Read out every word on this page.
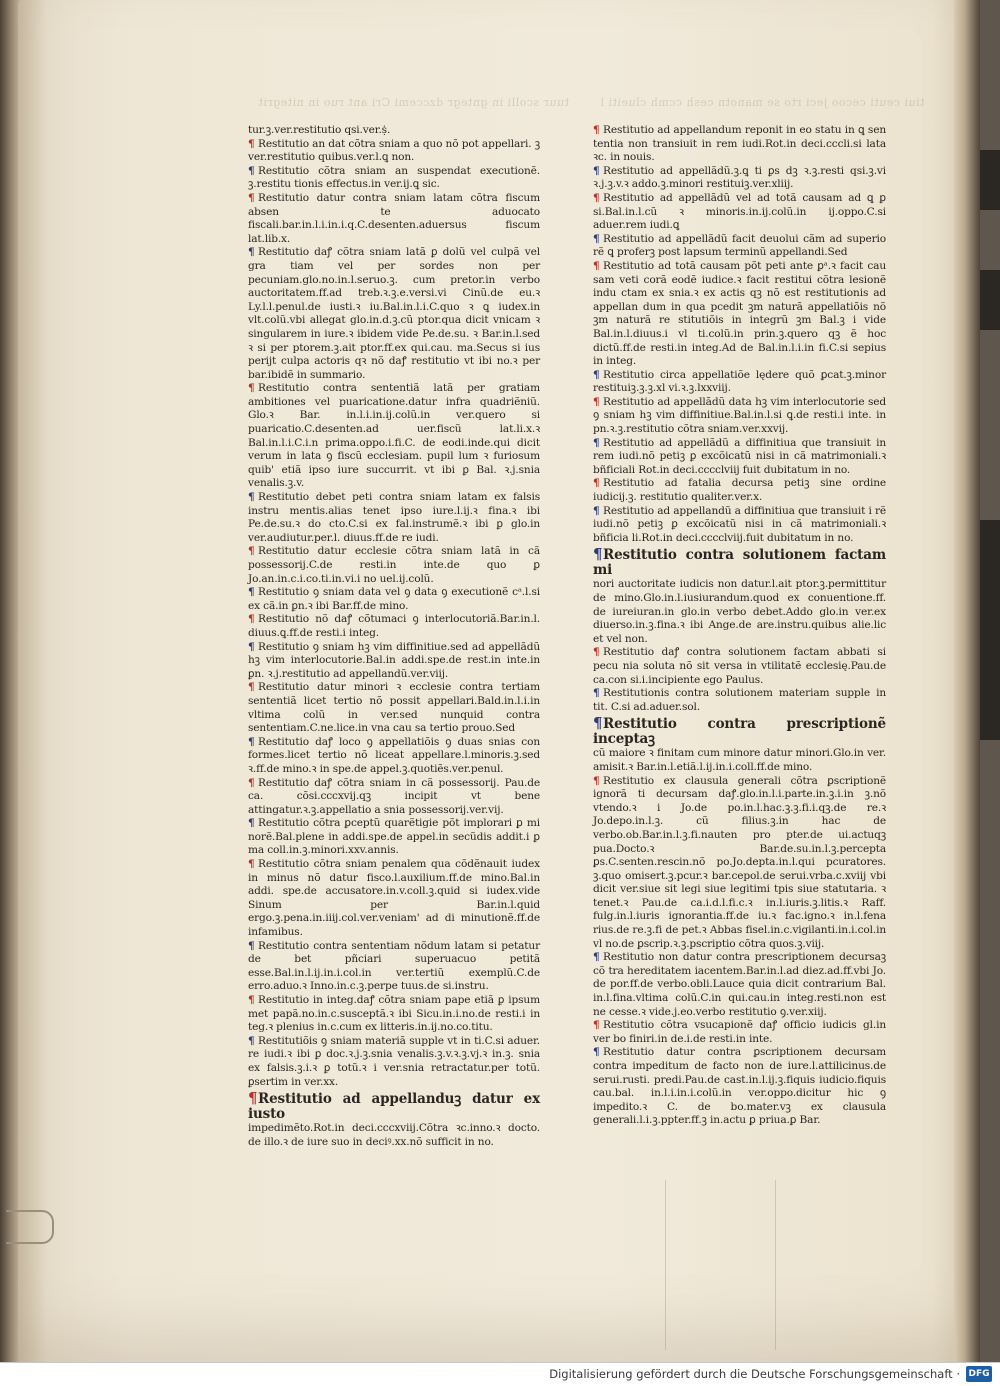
tuur scolli in gntegr dzccemi Cri ant ruo in nitegrit	tiui ceuti cecoo jeci rto se manotn cesh ccmh clueiti l
tur.ꝫ.ver.restitutio qsi.ver.ṩ.
¶ Restitutio an dat cõtra sniam a quo nõ pot appellari. ꝫ ver.restitutio quibus.ver.l.ꝗ non.
¶ Restitutio cõtra sniam an suspendat executionẽ. ꝫ.restitu tionis effectus.in ver.ij.ꝗ sic.
¶ Restitutio datur contra sniam latam cõtra fiscum absen te aduocato fiscali.bar.in.l.i.in.i.q.C.desenten.aduersus fiscum lat.lib.x.
¶ Restitutio daꝭ cõtra sniam latã ꝑ dolũ vel culpã vel gra tiam vel per sordes non per pecuniam.glo.no.in.l.seruo.ꝫ. cum pretor.in verbo auctoritatem.ff.ad treb.ꝛ.ꝫ.e.versi.vi Cinũ.de eu.ꝛ Ly.l.l.penul.de iusti.ꝛ iu.Bal.in.l.i.C.quo ꝛ ꝗ iudex.in vlt.colũ.vbi allegat glo.in.d.ꝫ.cũ ptor.qua dicit vnicam ꝛ singularem in iure.ꝛ ibidem vide Pe.de.su. ꝛ Bar.in.l.sed ꝛ si per ptorem.ꝫ.ait ptor.ff.ex qui.cau. ma.Secus si ius perijt culpa actoris qꝛ nõ daꝭ restitutio vt ibi no.ꝛ per bar.ibidẽ in summario.
¶ Restitutio contra sententiã latã per gratiam ambitiones vel puaricatione.datur infra quadriẽniũ. Glo.ꝛ Bar. in.l.i.in.ij.colũ.in ver.quero si puaricatio.C.desenten.ad uer.fiscũ lat.li.x.ꝛ Bal.in.l.i.C.i.n prima.oppo.i.fi.C. de eodi.inde.qui dicit verum in lata ꝯ fiscũ ecclesiam. pupil lum ꝛ furiosum quib' etiã ipso iure succurrit. vt ibi ꝑ Bal. ꝛ.j.snia venalis.ꝫ.v.
¶ Restitutio debet peti contra sniam latam ex falsis instru mentis.alias tenet ipso iure.l.ij.ꝛ fina.ꝛ ibi Pe.de.su.ꝛ do cto.C.si ex fal.instrumẽ.ꝛ ibi ꝑ glo.in ver.audiutur.per.l. diuus.ff.de re iudi.
¶ Restitutio datur ecclesie cõtra sniam latã in cã possessorij.C.de resti.in inte.de quo ꝑ Jo.an.in.c.i.co.ti.in.vi.i no uel.ij.colũ.
¶ Restitutio ꝯ sniam data vel ꝯ data ꝯ executionẽ cᵃ.l.si ex cã.in ꝑn.ꝛ ibi Bar.ff.de mino.
¶ Restitutio nõ daꝭ cõtumaci ꝯ interlocutoriã.Bar.in.l. diuus.ꝗ.ff.de resti.i integ.
¶ Restitutio ꝯ sniam hꝫ vim diffinitiue.sed ad appellãdũ hꝫ vim interlocutorie.Bal.in addi.spe.de rest.in inte.in ꝑn. ꝛ.j.restitutio ad appellandũ.ver.viij.
¶ Restitutio datur minori ꝛ ecclesie contra tertiam sententiã licet tertio nõ possit appellari.Bald.in.l.i.in vltima colũ in ver.sed nunquid contra sententiam.C.ne.lice.in vna cau sa tertio prouo.Sed
¶ Restitutio daꝭ loco ꝯ appellatiõis ꝯ duas snias con formes.licet tertio nõ liceat appellare.l.minoris.ꝫ.sed ꝛ.ff.de mino.ꝛ in spe.de appel.ꝫ.quotiẽs.ver.penul.
¶ Restitutio daꝭ cõtra sniam in cã possessorij. Pau.de ca. cõsi.cccxvij.qꝫ incipit vt bene attingatur.ꝛ.ꝫ.appellatio a snia possessorij.ver.vij.
¶ Restitutio cõtra ꝑceptũ quarẽtigie põt implorari ꝑ mi norẽ.Bal.plene in addi.spe.de appel.in secũdis addit.i ꝑ ma coll.in.ꝫ.minori.xxv.annis.
¶ Restitutio cõtra sniam penalem qua cõdẽnauit iudex in minus nõ datur fisco.l.auxilium.ff.de mino.Bal.in addi. spe.de accusatore.in.v.coll.ꝫ.quid si iudex.vide Sinum per Bar.in.l.quid ergo.ꝫ.pena.in.iiij.col.ver.veniam' ad di minutionẽ.ff.de infamibus.
¶ Restitutio contra sententiam nõdum latam si petatur de bet pñciari superuacuo petitã esse.Bal.in.l.ij.in.i.col.in ver.tertiũ exemplũ.C.de erro.aduo.ꝛ Inno.in.c.ꝫ.perpe tuus.de si.instru.
¶ Restitutio in integ.daꝭ cõtra sniam pape etiã ꝑ ipsum met papã.no.in.c.susceptã.ꝛ ibi Sicu.in.i.no.de resti.i in teg.ꝛ plenius in.c.cum ex litteris.in.ij.no.co.titu.
¶ Restitutiõis ꝯ sniam materiã supple vt in ti.C.si aduer. re iudi.ꝛ ibi ꝑ doc.ꝛ.j.ꝫ.snia venalis.ꝫ.v.ꝛ.ꝫ.vj.ꝛ in.ꝫ. snia ex falsis.ꝫ.i.ꝛ ꝑ totũ.ꝛ i ver.snia retractatur.per totũ. ꝑsertim in ver.xx.
¶Restitutio ad appellanduꝫ datur ex iusto
impedimẽto.Rot.in deci.cccxviij.Cõtra ꝛc.inno.ꝛ docto. de illo.ꝛ de iure suo in deciꝰ.xx.nõ sufficit in no.
¶ Restitutio ad appellandum reponit in eo statu in ꝗ sen tentia non transiuit in rem iudi.Rot.in deci.cccli.si lata ꝛc. in nouis.
¶ Restitutio ad appellãdũ.ꝫ.ꝗ ti ꝑs dꝫ ꝛ.ꝫ.resti qsi.ꝫ.vi ꝛ.j.ꝫ.v.ꝛ addo.ꝫ.minori restituiꝫ.ver.xliij.
¶ Restitutio ad appellãdũ vel ad totã causam ad ꝗ ꝑ si.Bal.in.l.cũ ꝛ minoris.in.ij.colũ.in ij.oppo.C.si aduer.rem iudi.ꝗ
¶ Restitutio ad appellãdũ facit deuolui cãm ad superio rẽ ꝗ proferꝫ post lapsum terminũ appellandi.Sed
¶ Restitutio ad totã causam põt peti ante ꝑᵃ.ꝛ facit cau sam veti corã eodẽ iudice.ꝛ facit restitui cõtra lesionẽ indu ctam ex snia.ꝛ ex actis qꝫ nõ est restitutionis ad appellan dum in qua pcedit ꝫm naturã appellatiõis nõ ꝫm naturã re stitutiõis in integrũ ꝫm Bal.ꝫ i vide Bal.in.l.diuus.i vl ti.colũ.in prin.ꝫ.quero qꝫ ẽ hoc dictũ.ff.de resti.in integ.Ad de Bal.in.l.i.in fi.C.si sepius in integ.
¶ Restitutio circa appellatiõe lędere quõ ꝑcat.ꝫ.minor restituiꝫ.ꝫ.ꝫ.xl vi.ꝛ.ꝫ.lxxviij.
¶ Restitutio ad appellãdũ data hꝫ vim interlocutorie sed ꝯ sniam hꝫ vim diffinitiue.Bal.in.l.si ꝗ.de resti.i inte. in pn.ꝛ.ꝫ.restitutio cõtra sniam.ver.xxvij.
¶ Restitutio ad appellãdũ a diffinitiua que transiuit in rem iudi.nõ petiꝫ ꝑ excõicatũ nisi in cã matrimoniali.ꝛ bñficiali Rot.in deci.cccclviij fuit dubitatum in no.
¶ Restitutio ad fatalia decursa petiꝫ sine ordine iudicij.ꝫ. restitutio qualiter.ver.x.
¶ Restitutio ad appellandũ a diffinitiua que transiuit i rẽ iudi.nõ petiꝫ ꝑ excõicatũ nisi in cã matrimoniali.ꝛ bñficia li.Rot.in deci.cccclviij.fuit dubitatum in no.
¶Restitutio contra solutionem factam mi
nori auctoritate iudicis non datur.l.ait ptor.ꝫ.permittitur de mino.Glo.in.l.iusiurandum.quod ex conuentione.ff. de iureiuran.in glo.in verbo debet.Addo glo.in ver.ex diuerso.in.ꝫ.fina.ꝛ ibi Ange.de are.instru.quibus alie.lic et vel non.
¶ Restitutio daꝭ contra solutionem factam abbati si pecu nia soluta nõ sit versa in vtilitatẽ ecclesię.Pau.de ca.con si.i.incipiente ego Paulus.
¶ Restitutionis contra solutionem materiam supple in tit. C.si ad.aduer.sol.
¶Restitutio contra prescriptionẽ inceptaꝫ
cũ maiore ꝛ finitam cum minore datur minori.Glo.in ver. amisit.ꝛ Bar.in.l.etiã.l.ij.in.i.coll.ff.de mino.
¶ Restitutio ex clausula generali cõtra ꝑscriptionẽ ignorã ti decursam daꝭ.glo.in.l.i.parte.in.ꝫ.i.in ꝫ.nõ vtendo.ꝛ i Jo.de po.in.l.hac.ꝫ.ꝫ.fi.i.qꝫ.de re.ꝛ Jo.depo.in.l.ꝫ. cũ filius.ꝫ.in hac de verbo.ob.Bar.in.l.ꝫ.fi.nauten pro pter.de ui.actuqꝫ pua.Docto.ꝛ Bar.de.su.in.l.ꝫ.percepta ꝑs.C.senten.rescin.nõ po.Jo.depta.in.l.qui pcuratores. ꝫ.quo omisert.ꝫ.pcur.ꝛ bar.cepol.de serui.vrba.c.xviij vbi dicit ver.siue sit legi siue legitimi tpis siue statutaria. ꝛ tenet.ꝛ Pau.de ca.i.d.l.fi.c.ꝛ in.l.iuris.ꝫ.litis.ꝛ Raff. fulg.in.l.iuris ignorantia.ff.de iu.ꝛ fac.igno.ꝛ in.l.fena rius.de re.ꝫ.fi de pet.ꝛ Abbas fisel.in.c.vigilanti.in.i.col.in vl no.de ꝑscrip.ꝛ.ꝫ.pscriptio cõtra quos.ꝫ.viij.
¶ Restitutio non datur contra prescriptionem decursaꝫ cõ tra hereditatem iacentem.Bar.in.l.ad diez.ad.ff.vbi Jo. de por.ff.de verbo.obli.Lauce quia dicit contrarium Bal. in.l.fina.vltima colũ.C.in qui.cau.in integ.resti.non est ne cesse.ꝛ vide.j.eo.verbo restitutio ꝯ.ver.xiij.
¶ Restitutio cõtra vsucapionẽ daꝭ officio iudicis gl.in ver bo finiri.in de.i.de resti.in inte.
¶ Restitutio datur contra ꝑscriptionem decursam contra impeditum de facto non de iure.l.attilicinus.de serui.rusti. predi.Pau.de cast.in.l.ij.ꝫ.fiquis iudicio.fiquis cau.bal. in.l.i.in.i.colũ.in ver.oppo.dicitur hic ꝯ impedito.ꝛ C. de bo.mater.vꝫ ex clausula generali.l.i.ꝫ.ppter.ff.ꝫ in.actu ꝑ priua.ꝑ Bar.
Digitalisierung gefördert durch die Deutsche Forschungsgemeinschaft · DFG
